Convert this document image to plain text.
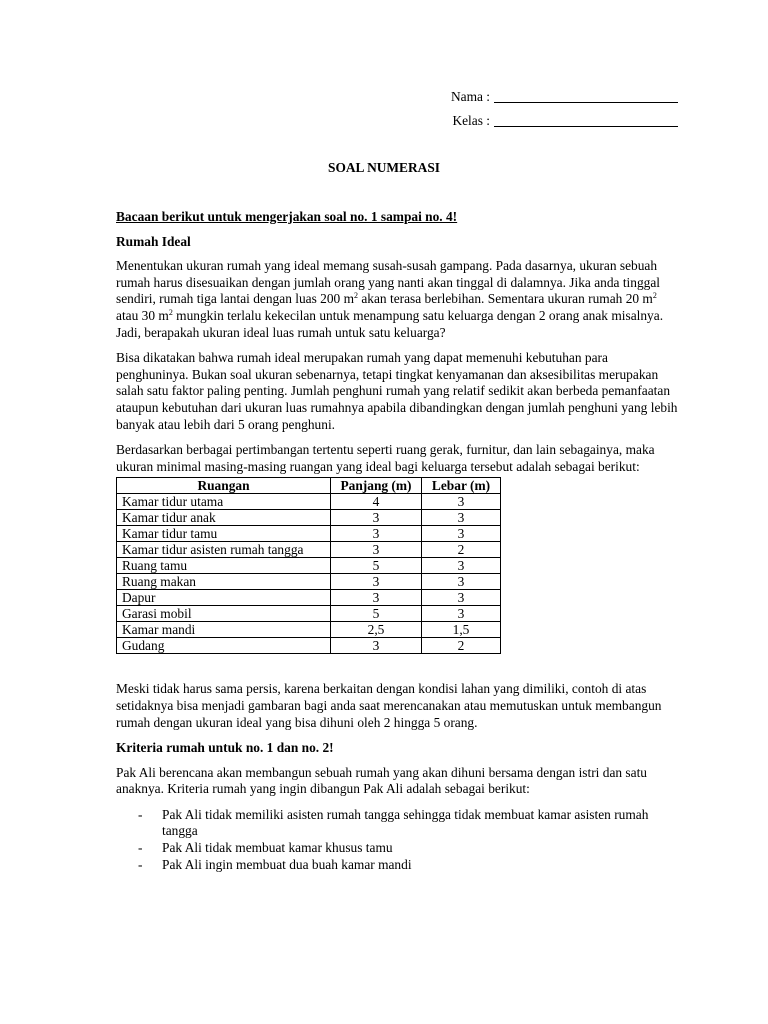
Nama :
Kelas :
SOAL NUMERASI
Bacaan berikut untuk mengerjakan soal no. 1 sampai no. 4!
Rumah Ideal

Menentukan ukuran rumah yang ideal memang susah-susah gampang. Pada dasarnya, ukuran sebuah rumah harus disesuaikan dengan jumlah orang yang nanti akan tinggal di dalamnya. Jika anda tinggal sendiri, rumah tiga lantai dengan luas 200 $m^2$ akan terasa berlebihan. Sementara ukuran rumah 20 $m^2$ atau 30 $m^2$ mungkin terlalu kekecilan untuk menampung satu keluarga dengan 2 orang anak misalnya. Jadi, berapakah ukuran ideal luas rumah untuk satu keluarga?

Bisa dikatakan bahwa rumah ideal merupakan rumah yang dapat memenuhi kebutuhan para penghuninya. Bukan soal ukuran sebenarnya, tetapi tingkat kenyamanan dan aksesibilitas merupakan salah satu faktor paling penting. Jumlah penghuni rumah yang relatif sedikit akan berbeda pemanfaatan ataupun kebutuhan dari ukuran luas rumahnya apabila dibandingkan dengan jumlah penghuni yang lebih banyak atau lebih dari 5 orang penghuni.

Berdasarkan berbagai pertimbangan tertentu seperti ruang gerak, furnitur, dan lain sebagainya, maka ukuran minimal masing-masing ruangan yang ideal bagi keluarga tersebut adalah sebagai berikut:

Ruangan	Panjang (m)	Lebar (m)
Kamar tidur utama	4	3
Kamar tidur anak	3	3
Kamar tidur tamu	3	3
Kamar tidur asisten rumah tangga	3	2
Ruang tamu	5	3
Ruang makan	3	3
Dapur	3	3
Garasi mobil	5	3
Kamar mandi	2,5	1,5
Gudang	3	2

Meski tidak harus sama persis, karena berkaitan dengan kondisi lahan yang dimiliki, contoh di atas setidaknya bisa menjadi gambaran bagi anda saat merencanakan atau memutuskan untuk membangun rumah dengan ukuran ideal yang bisa dihuni oleh 2 hingga 5 orang.

Kriteria rumah untuk no. 1 dan no. 2!

Pak Ali berencana akan membangun sebuah rumah yang akan dihuni bersama dengan istri dan satu anaknya. Kriteria rumah yang ingin dibangun Pak Ali adalah sebagai berikut:

-	Pak Ali tidak memiliki asisten rumah tangga sehingga tidak membuat kamar asisten rumah tangga
-	Pak Ali tidak membuat kamar khusus tamu
-	Pak Ali ingin membuat dua buah kamar mandi
